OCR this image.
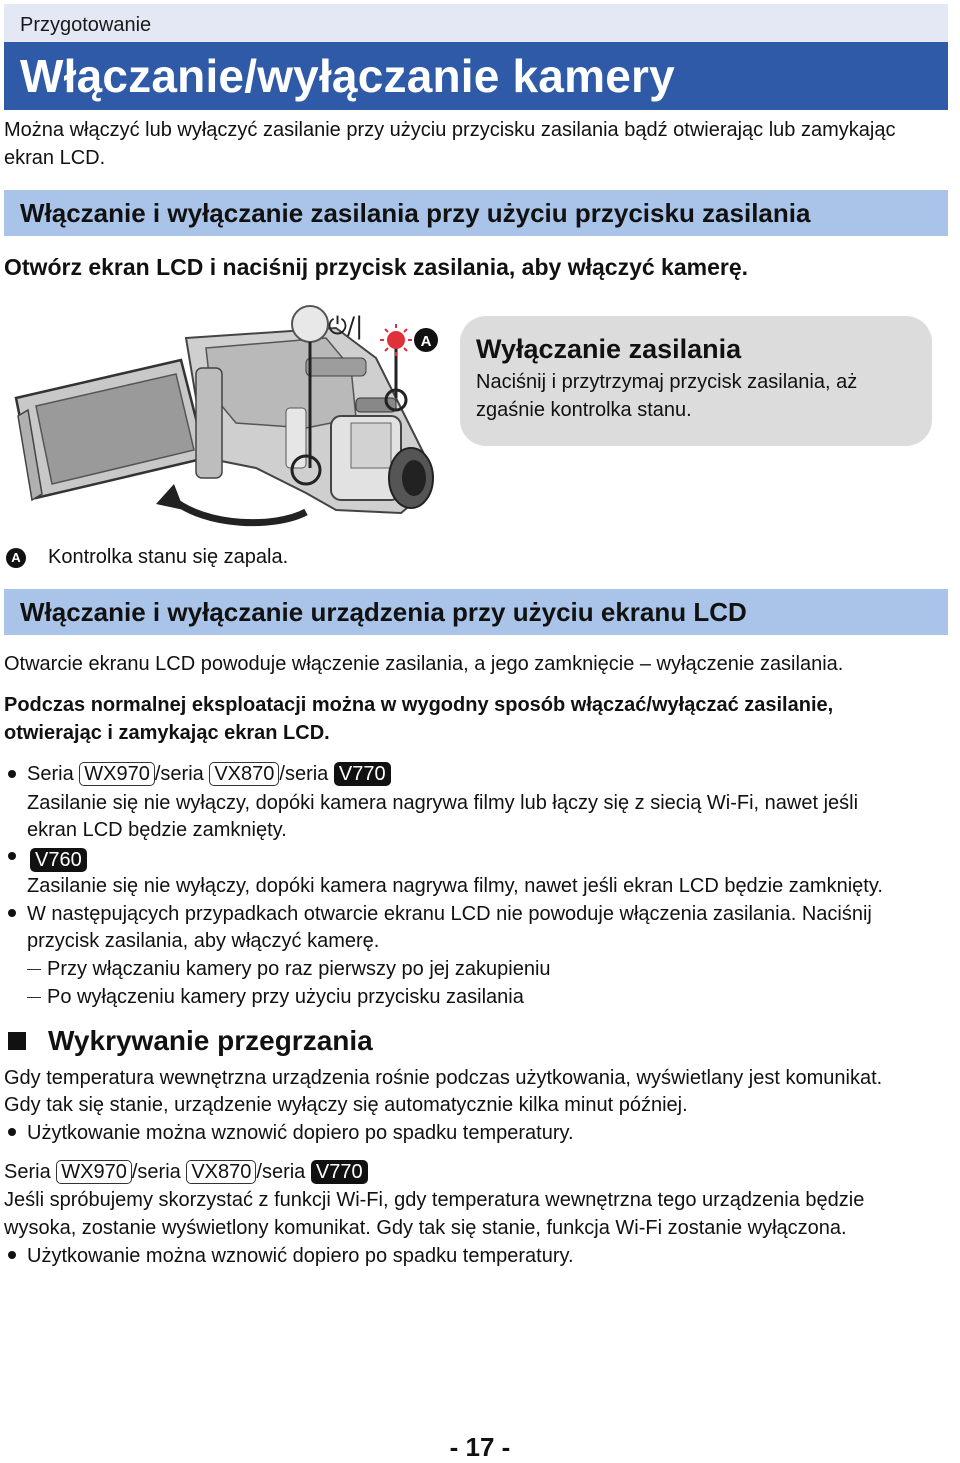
Przygotowanie
Włączanie/wyłączanie kamery
Można włączyć lub wyłączyć zasilanie przy użyciu przycisku zasilania bądź otwierając lub zamykając ekran LCD.
Włączanie i wyłączanie zasilania przy użyciu przycisku zasilania
Otwórz ekran LCD i naciśnij przycisk zasilania, aby włączyć kamerę.
⏻/|
A Wyłączanie zasilania
Naciśnij i przytrzymaj przycisk zasilania, aż zgaśnie kontrolka stanu.
A Kontrolka stanu się zapala.
Włączanie i wyłączanie urządzenia przy użyciu ekranu LCD
Otwarcie ekranu LCD powoduje włączenie zasilania, a jego zamknięcie – wyłączenie zasilania.
Podczas normalnej eksploatacji można w wygodny sposób włączać/wyłączać zasilanie,
otwierając i zamykając ekran LCD.
Seria WX970 /seria VX870 /seria V770
Zasilanie się nie wyłączy, dopóki kamera nagrywa filmy lub łączy się z siecią Wi-Fi, nawet jeśli
ekran LCD będzie zamknięty.
V760
Zasilanie się nie wyłączy, dopóki kamera nagrywa filmy, nawet jeśli ekran LCD będzie zamknięty.
W następujących przypadkach otwarcie ekranu LCD nie powoduje włączenia zasilania. Naciśnij
przycisk zasilania, aby włączyć kamerę.
Przy włączaniu kamery po raz pierwszy po jej zakupieniu
Po wyłączeniu kamery przy użyciu przycisku zasilania
Wykrywanie przegrzania
Gdy temperatura wewnętrzna urządzenia rośnie podczas użytkowania, wyświetlany jest komunikat.
Gdy tak się stanie, urządzenie wyłączy się automatycznie kilka minut później.
Użytkowanie można wznowić dopiero po spadku temperatury.
Seria WX970 /seria VX870 /seria V770
Jeśli spróbujemy skorzystać z funkcji Wi-Fi, gdy temperatura wewnętrzna tego urządzenia będzie
wysoka, zostanie wyświetlony komunikat. Gdy tak się stanie, funkcja Wi-Fi zostanie wyłączona.
Użytkowanie można wznowić dopiero po spadku temperatury.
- 17 -
